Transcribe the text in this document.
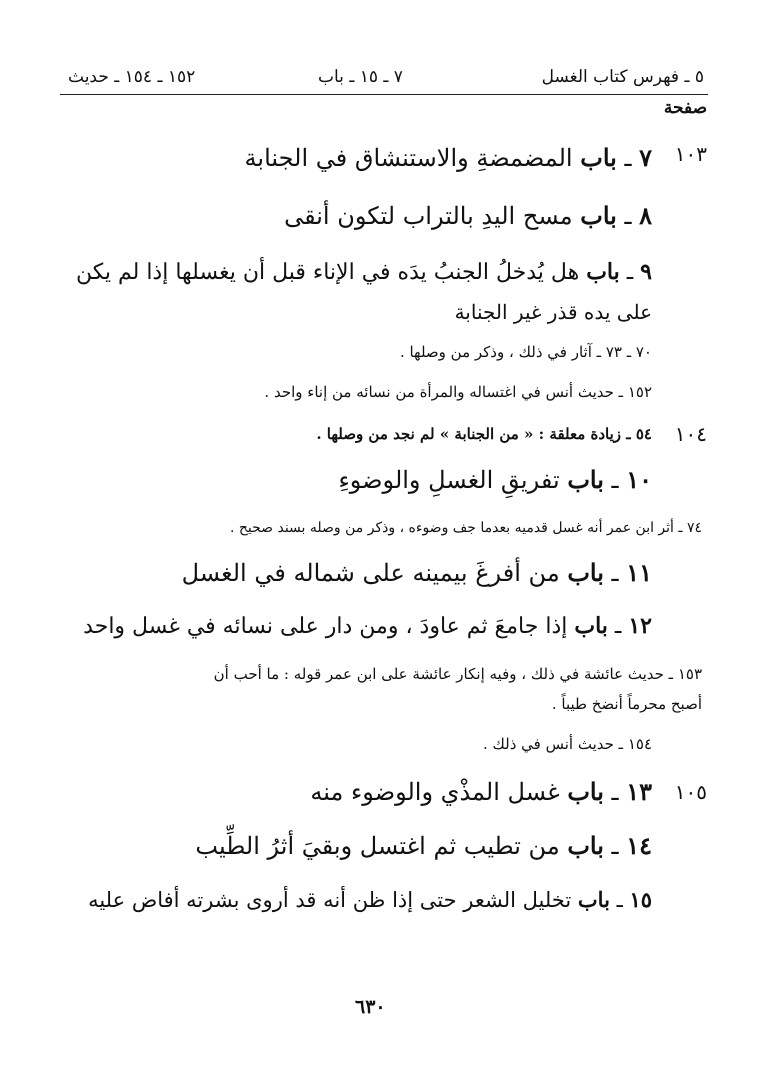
٥ ـ فهرس كتاب الغسل
٧ ـ ١٥ ـ باب
١٥٢ ـ ١٥٤ ـ حديث
صفحة
١٠٣
٧ ـ باب المضمضةِ والاستنشاق في الجنابة
٨ ـ باب مسح اليدِ بالتراب لتكون أنقى
٩ ـ باب هل يُدخلُ الجنبُ يدَه في الإناء قبل أن يغسلها إذا لم يكن
على يده قذر غير الجنابة
٧٠ ـ ٧٣ ـ آثار في ذلك ، وذكر من وصلها .
١٥٢ ـ حديث أنس في اغتساله والمرأة من نسائه من إناء واحد .
١٠٤
٥٤ ـ زيادة معلقة : « من الجنابة » لم نجد من وصلها .
١٠ ـ باب تفريقِ الغسلِ والوضوءِ
٧٤ ـ أثر ابن عمر أنه غسل قدميه بعدما جف وضوءه ، وذكر من وصله بسند صحيح .
١١ ـ باب من أفرغَ بيمينه على شماله في الغسل
١٢ ـ باب إذا جامعَ ثم عاودَ ، ومن دار على نسائه في غسل واحد
١٥٣ ـ حديث عائشة في ذلك ، وفيه إنكار عائشة على ابن عمر قوله : ما أحب أن
أصبح محرماً أنضخ طيباً .
١٥٤ ـ حديث أنس في ذلك .
١٠٥
١٣ ـ باب غسل المذْي والوضوء منه
١٤ ـ باب من تطيب ثم اغتسل وبقيَ أثرُ الطِّيب
١٥ ـ باب تخليل الشعر حتى إذا ظن أنه قد أروى بشرته أفاض عليه
٦٣٠
